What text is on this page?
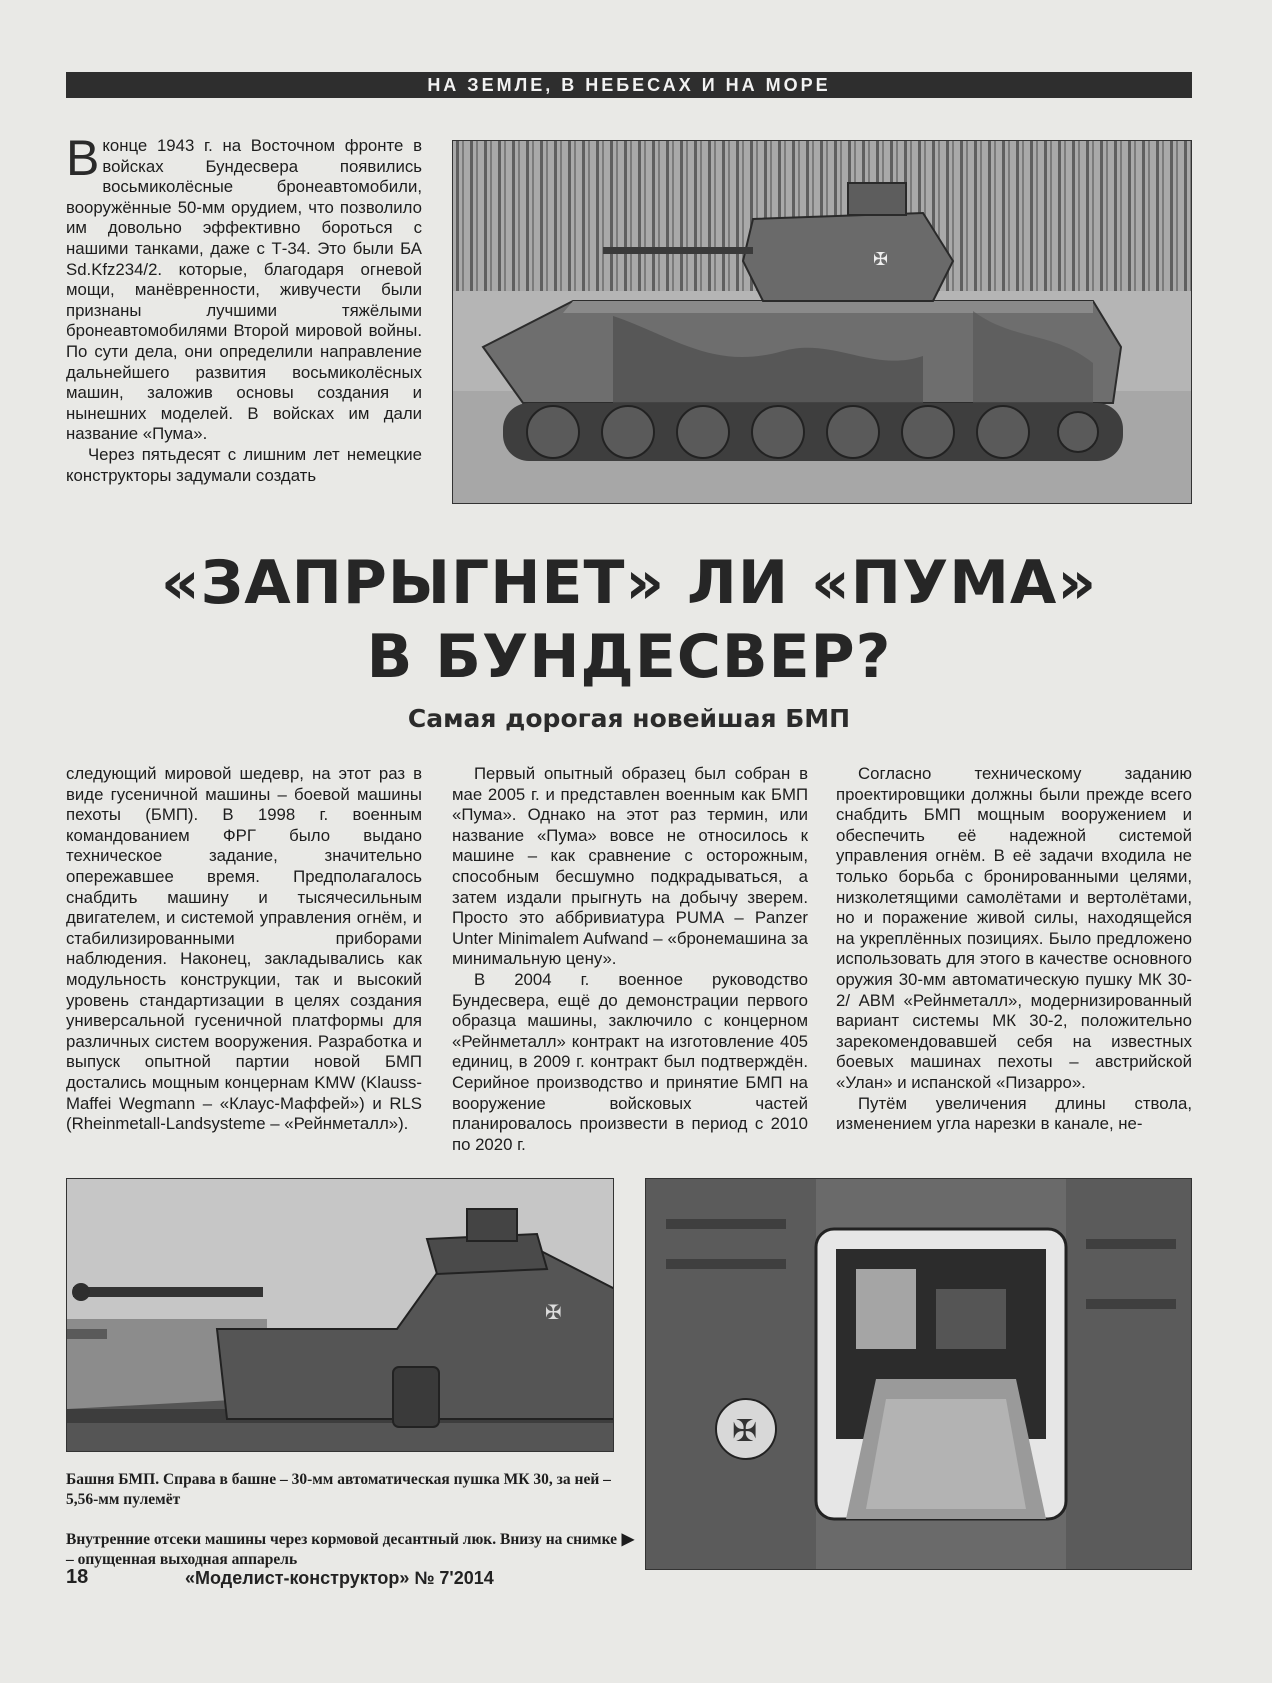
НА ЗЕМЛЕ, В НЕБЕСАХ И НА МОРЕ

Вконце 1943 г. на Восточном фронте в войсках Бундесвера появились восьмиколёсные бронеавтомобили, вооружённые 50-мм орудием, что позволило им довольно эффективно бороться с нашими танками, даже с Т-34. Это были БА Sd.Kfz234/2. которые, благодаря огневой мощи, манёвренности, живучести были признаны лучшими тяжёлыми бронеавтомобилями Второй мировой войны. По сути дела, они определили направление дальнейшего развития восьмиколёсных машин, заложив основы создания и нынешних моделей. В войсках им дали название «Пума».

Через пятьдесят с лишним лет немецкие конструкторы задумали создать

✠
«ЗАПРЫГНЕТ» ЛИ «ПУМА»
В БУНДЕСВЕР?
Самая дорогая новейшая БМП

следующий мировой шедевр, на этот раз в виде гусеничной машины – боевой машины пехоты (БМП). В 1998 г. военным командованием ФРГ было выдано техническое задание, значительно опережавшее время. Предполагалось снабдить машину и тысячесильным двигателем, и системой управления огнём, и стабилизированными приборами наблюдения. Наконец, закладывались как модульность конструкции, так и высокий уровень стандартизации в целях создания универсальной гусеничной платформы для различных систем вооружения. Разработка и выпуск опытной партии новой БМП достались мощным концернам KMW (Klauss-Maffei Wegmann – «Клаус-Маффей») и RLS (Rheinmetall-Landsysteme – «Рейнметалл»).

Первый опытный образец был собран в мае 2005 г. и представлен военным как БМП «Пума». Однако на этот раз термин, или название «Пума» вовсе не относилось к машине – как сравнение с осторожным, способным бесшумно подкрадываться, а затем издали прыгнуть на добычу зверем. Просто это аббривиатура PUMA – Panzer Unter Minimalem Aufwand – «бронемашина за минимальную цену».

В 2004 г. военное руководство Бундесвера, ещё до демонстрации первого образца машины, заключило с концерном «Рейнметалл» контракт на изготовление 405 единиц, в 2009 г. контракт был подтверждён. Серийное производство и принятие БМП на вооружение войсковых частей планировалось произвести в период с 2010 по 2020 г.

Согласно техническому заданию проектировщики должны были прежде всего снабдить БМП мощным вооружением и обеспечить её надежной системой управления огнём. В её задачи входила не только борьба с бронированными целями, низколетящими самолётами и вертолётами, но и поражение живой силы, находящейся на укреплённых позициях. Было предложено использовать для этого в качестве основного оружия 30-мм автоматическую пушку МК 30-2/ АВМ «Рейнметалл», модернизированный вариант системы МК 30-2, положительно зарекомендовавшей себя на известных боевых машинах пехоты – австрийской «Улан» и испанской «Пизарро».

Путём увеличения длины ствола, изменением угла нарезки в канале, не-

✠
✠
Башня БМП. Справа в башне – 30-мм автоматическая пушка МК 30, за ней – 5,56-мм пулемёт
Внутренние отсеки машины через кормовой десантный люк. Внизу на снимке – опущенная выходная аппарель
▶
18	«Моделист-конструктор» № 7'2014
